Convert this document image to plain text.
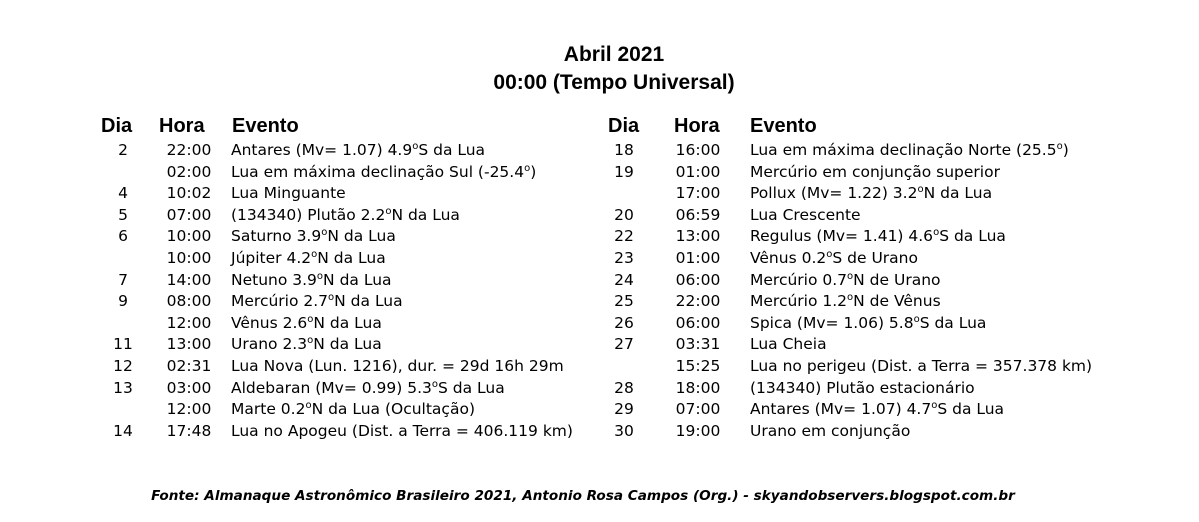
Abril 2021
00:00 (Tempo Universal)
Dia Hora Evento
2	22:00	Antares (Mv= 1.07) 4.9$^o$S da Lua
02:00	Lua em máxima declinação Sul (-25.4$^o$)
4	10:02	Lua Minguante
5	07:00	(134340) Plutão 2.2$^o$N da Lua
6	10:00	Saturno 3.9$^o$N da Lua
10:00	Júpiter 4.2$^o$N da Lua
7	14:00	Netuno 3.9$^o$N da Lua
9	08:00	Mercúrio 2.7$^o$N da Lua
12:00	Vênus 2.6$^o$N da Lua
11	13:00	Urano 2.3$^o$N da Lua
12	02:31	Lua Nova (Lun. 1216), dur. = 29d 16h 29m
13	03:00	Aldebaran (Mv= 0.99) 5.3$^o$S da Lua
12:00	Marte 0.2$^o$N da Lua (Ocultação)
14	17:48	Lua no Apogeu (Dist. a Terra = 406.119 km)
Dia Hora Evento
18	16:00	Lua em máxima declinação Norte (25.5$^o$)
19	01:00	Mercúrio em conjunção superior
17:00	Pollux (Mv= 1.22) 3.2$^o$N da Lua
20	06:59	Lua Crescente
22	13:00	Regulus (Mv= 1.41) 4.6$^o$S da Lua
23	01:00	Vênus 0.2$^o$S de Urano
24	06:00	Mercúrio 0.7$^o$N de Urano
25	22:00	Mercúrio 1.2$^o$N de Vênus
26	06:00	Spica (Mv= 1.06) 5.8$^o$S da Lua
27	03:31	Lua Cheia
15:25	Lua no perigeu (Dist. a Terra = 357.378 km)
28	18:00	(134340) Plutão estacionário
29	07:00	Antares (Mv= 1.07) 4.7$^o$S da Lua
30	19:00	Urano em conjunção
Fonte: Almanaque Astronômico Brasileiro 2021, Antonio Rosa Campos (Org.) - skyandobservers.blogspot.com.br
